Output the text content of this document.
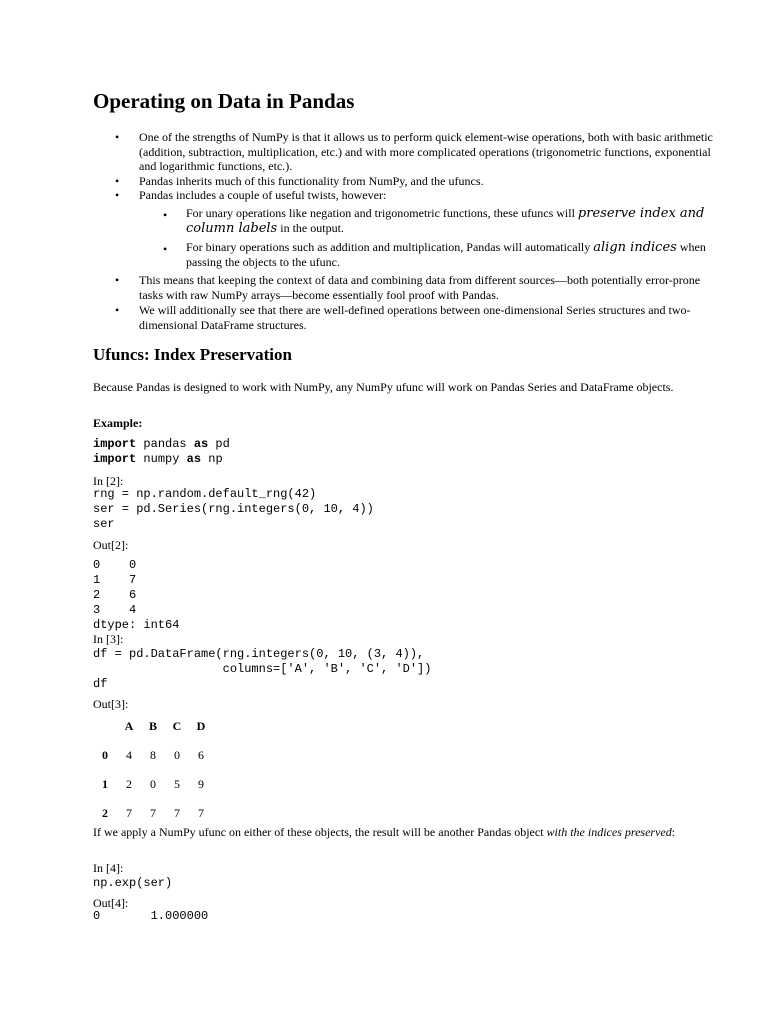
Operating on Data in Pandas
• One of the strengths of NumPy is that it allows us to perform quick element-wise operations, both with basic arithmetic (addition, subtraction, multiplication, etc.) and with more complicated operations (trigonometric functions, exponential and logarithmic functions, etc.).
• Pandas inherits much of this functionality from NumPy, and the ufuncs.
• Pandas includes a couple of useful twists, however:
• For unary operations like negation and trigonometric functions, these ufuncs will preserve index and column labels in the output.
• For binary operations such as addition and multiplication, Pandas will automatically align indices when passing the objects to the ufunc.
• This means that keeping the context of data and combining data from different sources—both potentially error-prone tasks with raw NumPy arrays—become essentially fool proof with Pandas.
• We will additionally see that there are well-defined operations between one-dimensional Series structures and two-dimensional DataFrame structures.
Ufuncs: Index Preservation

Because Pandas is designed to work with NumPy, any NumPy ufunc will work on Pandas Series and DataFrame objects.

Example:
import pandas as pd
import numpy as np
In [2]:
rng = np.random.default_rng(42)
ser = pd.Series(rng.integers(0, 10, 4))
ser
Out[2]:
0    0
1    7
2    6
3    4
dtype: int64
In [3]:
df = pd.DataFrame(rng.integers(0, 10, (3, 4)),
columns=['A', 'B', 'C', 'D'])
df
Out[3]:
	A	B	C	D
0	4	8	0	6
1	2	0	5	9
2	7	7	7	7

If we apply a NumPy ufunc on either of these objects, the result will be another Pandas object with the indices preserved:

In [4]:
np.exp(ser)
Out[4]:
0       1.000000
